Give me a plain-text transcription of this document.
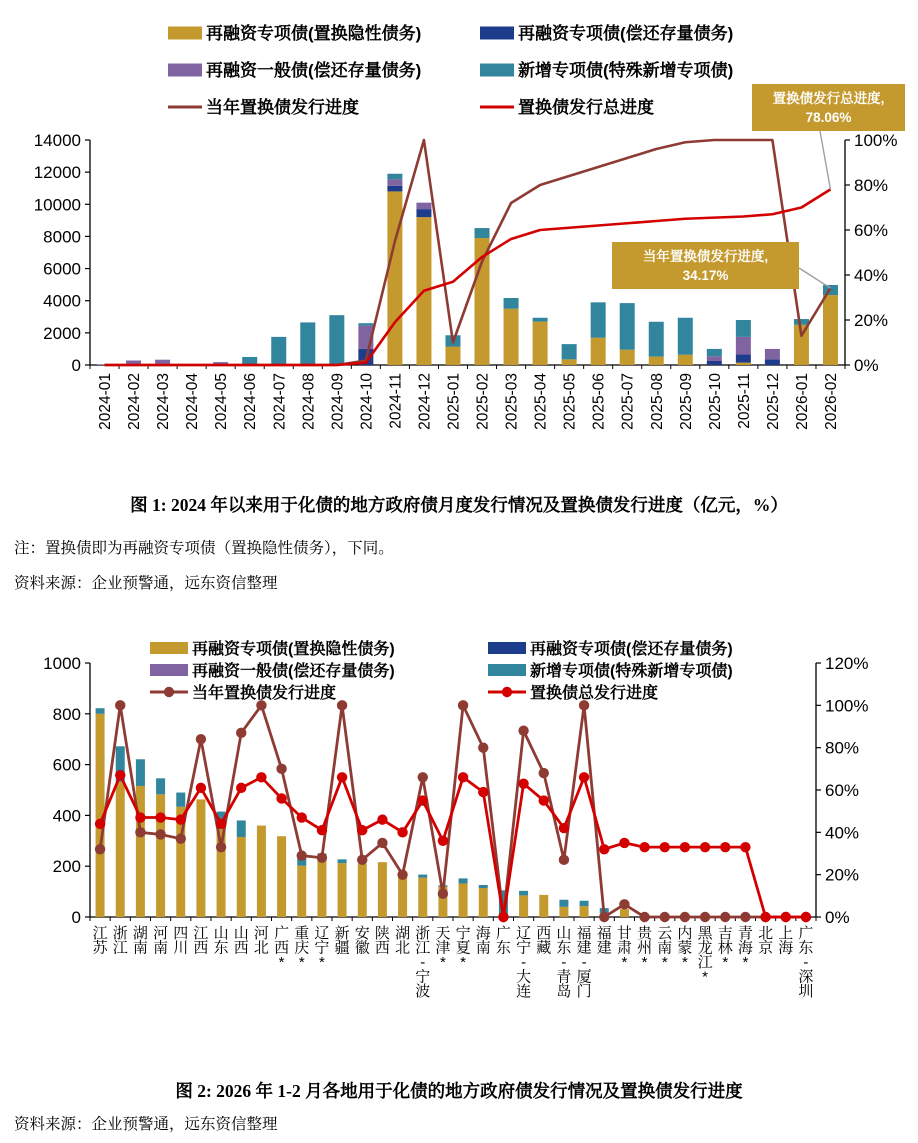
0
2000
4000
6000
8000
10000
12000
14000
0%
20%
40%
60%
80%
100%
2024-01 2024-02 2024-03 2024-04 2024-05 2024-06 2024-07 2024-08 2024-09 2024-10 2024-11 2024-12 2025-01 2025-02 2025-03 2025-04 2025-05 2025-06 2025-07 2025-08 2025-09 2025-10 2025-11 2025-12 2026-01 2026-02
再融资专项债(置换隐性债务)	再融资专项债(偿还存量债务)
再融资一般债(偿还存量债务)	新增专项债(特殊新增专项债)
当年置换债发行进度	置换债发行总进度	置换债发行总进度,
78.06%
当年置换债发行进度,
34.17%
图 1: 2024 年以来用于化债的地方政府债月度发行情况及置换债发行进度（亿元，%）
注：置换债即为再融资专项债（置换隐性债务），下同。
资料来源：企业预警通，远东资信整理
0
200
400
600
800
1000
0%
20%
40%
60%
80%
100%
120%
江苏
浙江
湖南
河南
四川
江西
山东
山西
河北
广西*
重庆*
辽宁*
新疆
安徽
陕西
湖北
浙江-宁波
天津*
宁夏*
海南
广东
辽宁-大连
西藏
山东-青岛
福建-厦门
福建
甘肃*
贵州*
云南*
内蒙*
黑龙江*
吉林*
青海*
北京
上海
广东-深圳
再融资专项债(置换隐性债务)	再融资专项债(偿还存量债务)
再融资一般债(偿还存量债务)	新增专项债(特殊新增专项债)
当年置换债发行进度	置换债总发行进度
图 2: 2026 年 1-2 月各地用于化债的地方政府债发行情况及置换债发行进度
资料来源：企业预警通，远东资信整理
